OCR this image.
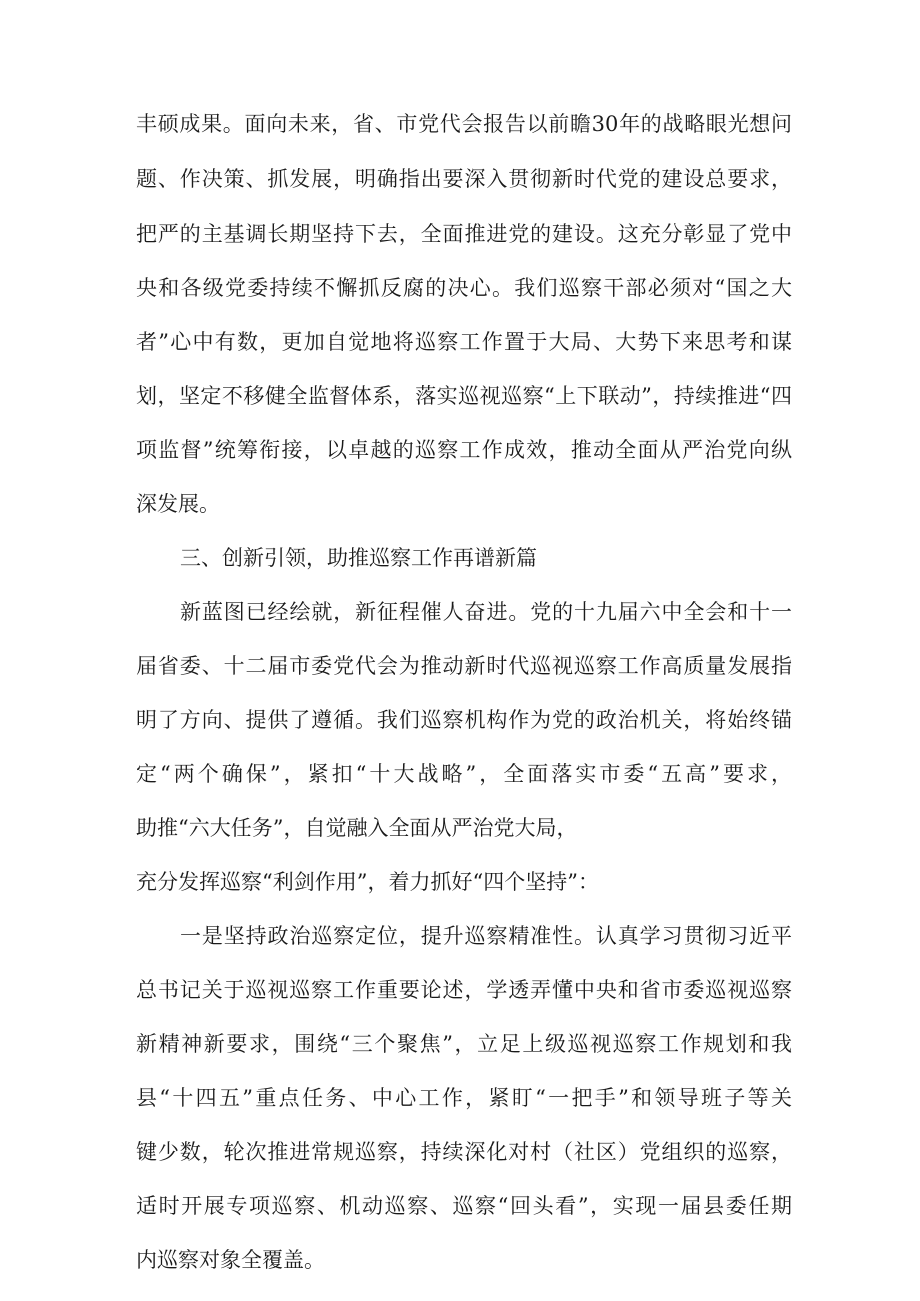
丰硕成果。面向未来，省、市党代会报告以前瞻30年的战略眼光想问

题、作决策、抓发展，明确指出要深入贯彻新时代党的建设总要求，

把严的主基调长期坚持下去，全面推进党的建设。这充分彰显了党中

央和各级党委持续不懈抓反腐的决心。我们巡察干部必须对“国之大

者”心中有数，更加自觉地将巡察工作置于大局、大势下来思考和谋

划，坚定不移健全监督体系，落实巡视巡察“上下联动”，持续推进“四

项监督”统筹衔接，以卓越的巡察工作成效，推动全面从严治党向纵

深发展。

三、创新引领，助推巡察工作再谱新篇

新蓝图已经绘就，新征程催人奋进。党的十九届六中全会和十一

届省委、十二届市委党代会为推动新时代巡视巡察工作高质量发展指

明了方向、提供了遵循。我们巡察机构作为党的政治机关，将始终锚

定“两个确保”，紧扣“十大战略”，全面落实市委“五高”要求，

助推“六大任务”，自觉融入全面从严治党大局，

充分发挥巡察“利剑作用”，着力抓好“四个坚持”：

一是坚持政治巡察定位，提升巡察精准性。认真学习贯彻习近平

总书记关于巡视巡察工作重要论述，学透弄懂中央和省市委巡视巡察

新精神新要求，围绕“三个聚焦”，立足上级巡视巡察工作规划和我

县“十四五”重点任务、中心工作，紧盯“一把手”和领导班子等关

键少数，轮次推进常规巡察，持续深化对村（社区）党组织的巡察，

适时开展专项巡察、机动巡察、巡察“回头看”，实现一届县委任期

内巡察对象全覆盖。
